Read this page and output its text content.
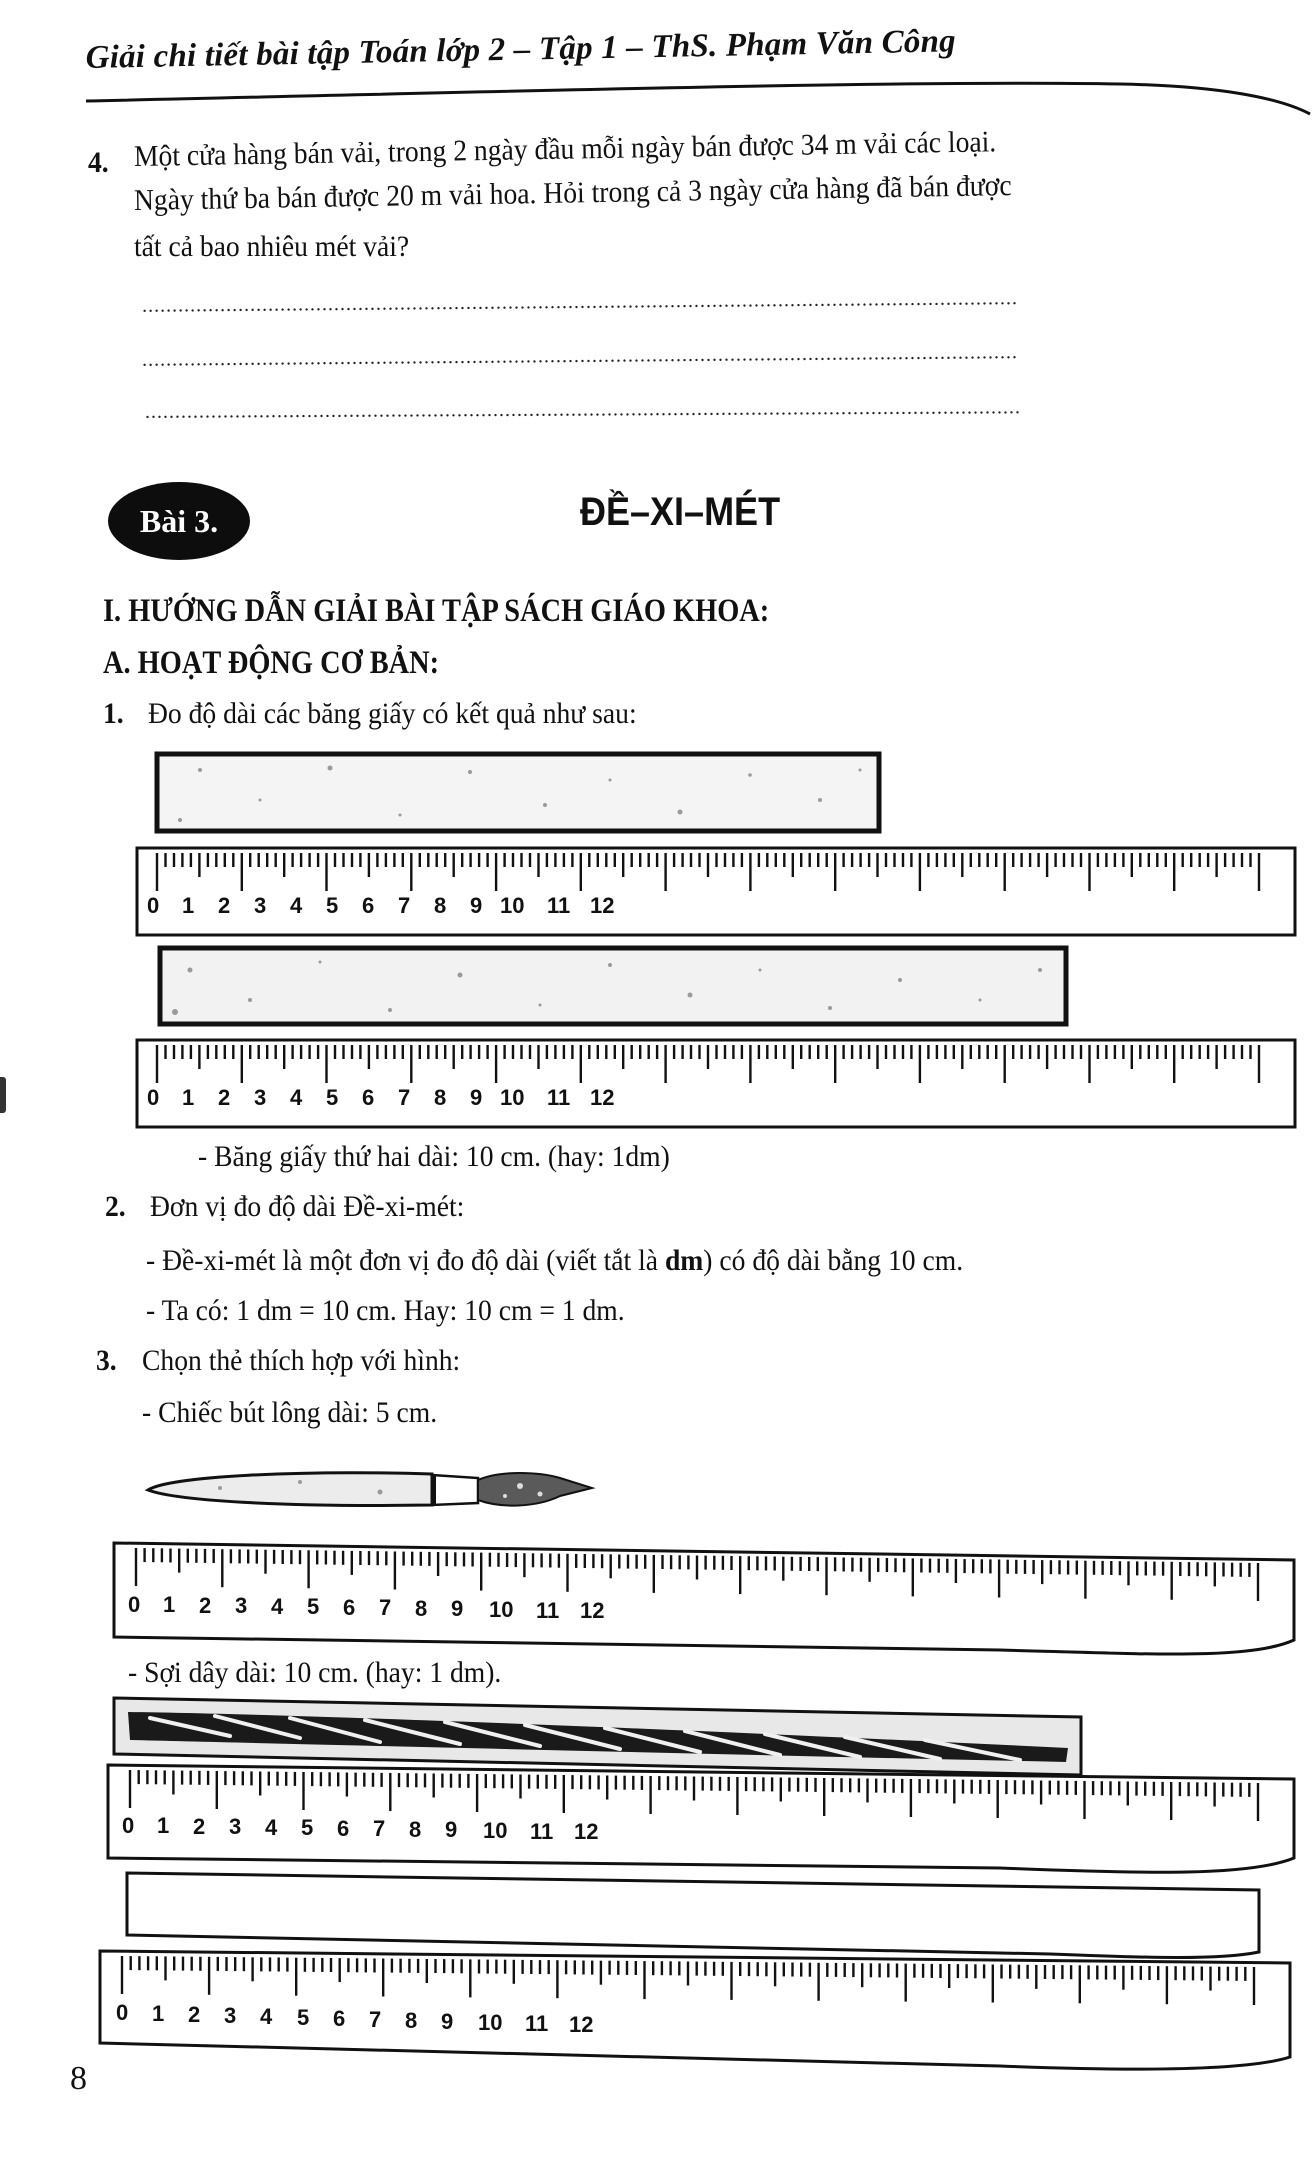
Giải chi tiết bài tập Toán lớp 2 – Tập 1 – ThS. Phạm Văn Công
4. Một cửa hàng bán vải, trong 2 ngày đầu mỗi ngày bán được 34 m vải các loại.
Ngày thứ ba bán được 20 m vải hoa. Hỏi trong cả 3 ngày cửa hàng đã bán được
tất cả bao nhiêu mét vải?
..................................................................................................................................................
..................................................................................................................................................
..................................................................................................................................................
Bài 3.	ĐỀ–XI–MÉT
I. HƯỚNG DẪN GIẢI BÀI TẬP SÁCH GIÁO KHOA:
A. HOẠT ĐỘNG CƠ BẢN:
1. Đo độ dài các băng giấy có kết quả như sau:
0 1 2 3 4 5 6 7 8 9 10 11 12
0 1 2 3 4 5 6 7 8 9 10 11 12
- Băng giấy thứ hai dài: 10 cm. (hay: 1dm)
2. Đơn vị đo độ dài Đề-xi-mét:
- Đề-xi-mét là một đơn vị đo độ dài (viết tắt là dm) có độ dài bằng 10 cm.
- Ta có: 1 dm = 10 cm. Hay: 10 cm = 1 dm.
3. Chọn thẻ thích hợp với hình:
- Chiếc bút lông dài: 5 cm.
0 1 2 3 4 5 6 7 8 9 10 11 12
- Sợi dây dài: 10 cm. (hay: 1 dm).
0 1 2 3 4 5 6 7 8 9 10 11 12
0 1 2 3 4 5 6 7 8 9 10 11 12
8
